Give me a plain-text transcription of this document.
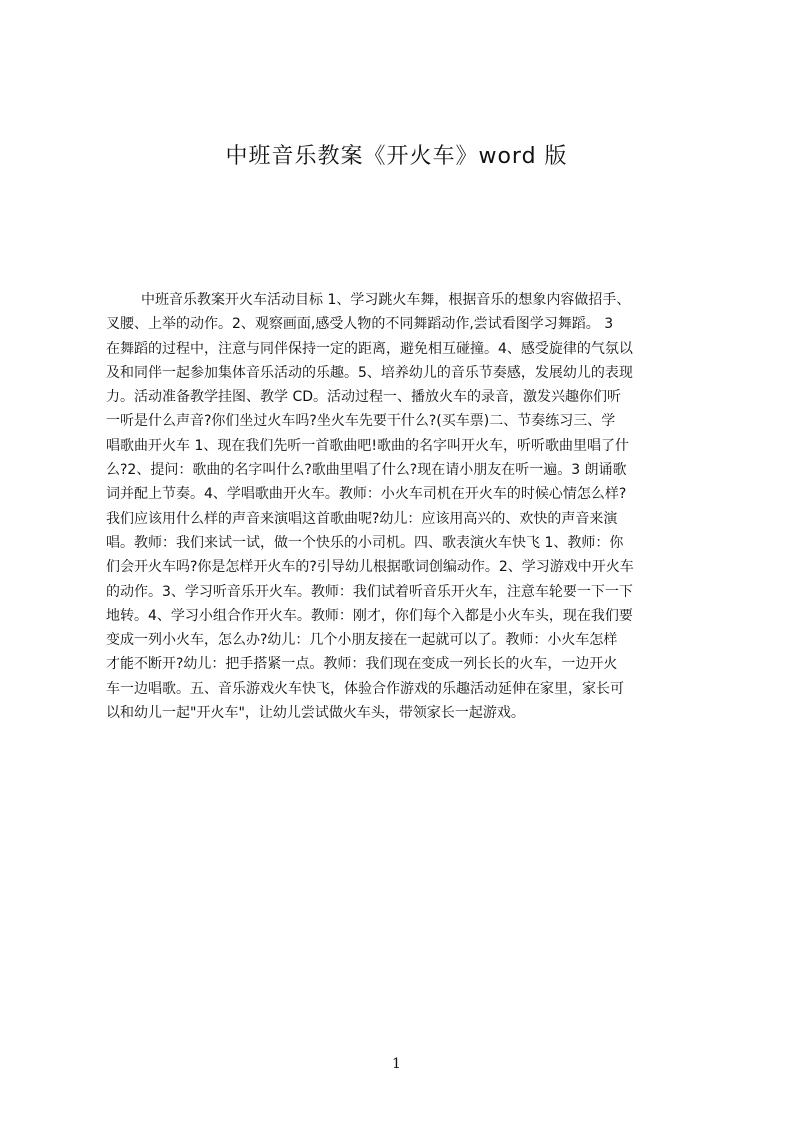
中班音乐教案《开火车》word 版
中班音乐教案开火车活动目标 1、学习跳火车舞，根据音乐的想象内容做招手、
叉腰、上举的动作。2、观察画面,感受人物的不同舞蹈动作,尝试看图学习舞蹈。 3
在舞蹈的过程中，注意与同伴保持一定的距离，避免相互碰撞。4、感受旋律的气氛以
及和同伴一起参加集体音乐活动的乐趣。5、培养幼儿的音乐节奏感，发展幼儿的表现
力。活动准备教学挂图、教学 CD。活动过程一、播放火车的录音，激发兴趣你们听
一听是什么声音?你们坐过火车吗?坐火车先要干什么?(买车票)二、节奏练习三、学
唱歌曲开火车 1、现在我们先听一首歌曲吧!歌曲的名字叫开火车，听听歌曲里唱了什
么?2、提问：歌曲的名字叫什么?歌曲里唱了什么?现在请小朋友在听一遍。3 朗诵歌
词并配上节奏。4、学唱歌曲开火车。教师：小火车司机在开火车的时候心情怎么样?
我们应该用什么样的声音来演唱这首歌曲呢?幼儿：应该用高兴的、欢快的声音来演
唱。教师：我们来试一试，做一个快乐的小司机。四、歌表演火车快飞 1、教师：你
们会开火车吗?你是怎样开火车的?引导幼儿根据歌词创编动作。2、学习游戏中开火车
的动作。3、学习听音乐开火车。教师：我们试着听音乐开火车，注意车轮要一下一下
地转。4、学习小组合作开火车。教师：刚才，你们每个入都是小火车头，现在我们要
变成一列小火车，怎么办?幼儿：几个小朋友接在一起就可以了。教师：小火车怎样
才能不断开?幼儿：把手搭紧一点。教师：我们现在变成一列长长的火车，一边开火
车一边唱歌。五、音乐游戏火车快飞，体验合作游戏的乐趣活动延伸在家里，家长可
以和幼儿一起"开火车"，让幼儿尝试做火车头，带领家长一起游戏。
1
